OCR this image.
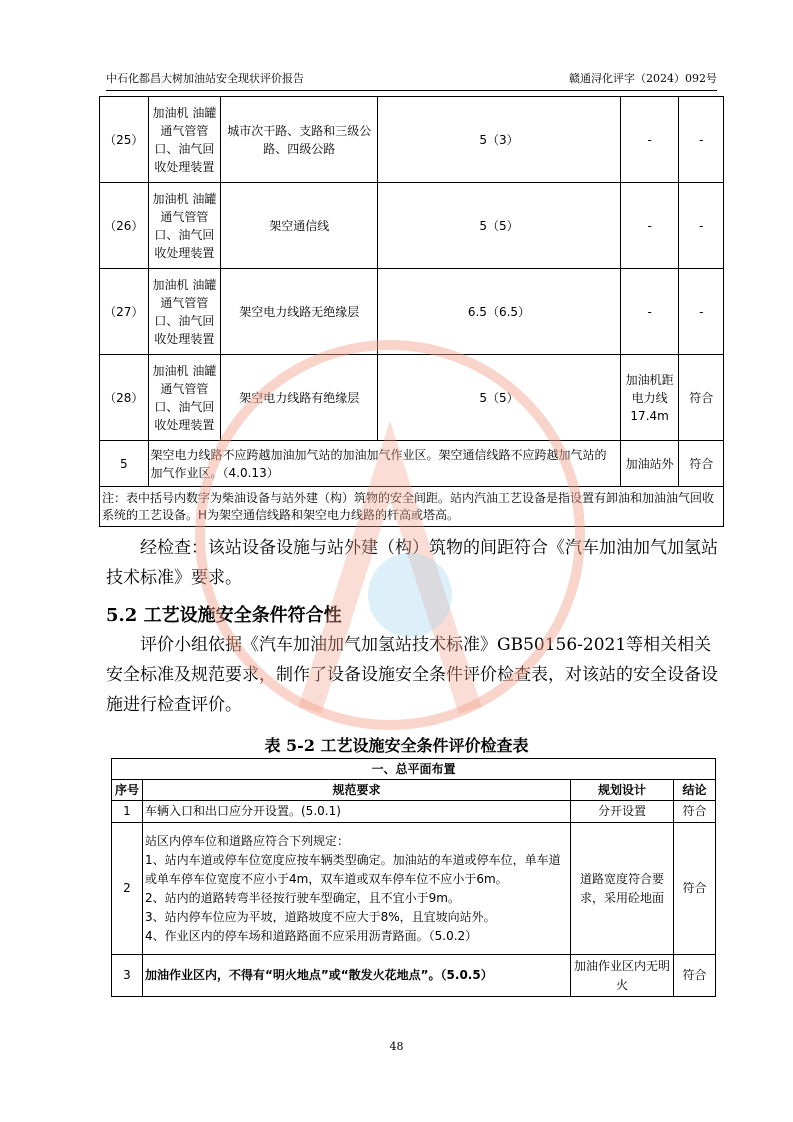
中石化都昌大树加油站安全现状评价报告	赣通浔化评字（2024）092号
（25）	加油机 油罐通气管管口、油气回收处理装置	城市次干路、支路和三级公路、四级公路	5（3）	-	-
（26）	加油机 油罐通气管管口、油气回收处理装置	架空通信线	5（5）	-	-
（27）	加油机 油罐通气管管口、油气回收处理装置	架空电力线路无绝缘层	6.5（6.5）	-	-
（28）	加油机 油罐通气管管口、油气回收处理装置	架空电力线路有绝缘层	5（5）	加油机距电力线17.4m	符合
5	架空电力线路不应跨越加油加气站的加油加气作业区。架空通信线路不应跨越加气站的加气作业区。（4.0.13）			加油站外	符合
注：表中括号内数字为柴油设备与站外建（构）筑物的安全间距。站内汽油工艺设备是指设置有卸油和加油油气回收系统的工艺设备。H为架空通信线路和架空电力线路的杆高或塔高。					
经检查：该站设备设施与站外建（构）筑物的间距符合《汽车加油加气加氢站技术标准》要求。
5.2 工艺设施安全条件符合性
评价小组依据《汽车加油加气加氢站技术标准》GB50156-2021等相关相关安全标准及规范要求，制作了设备设施安全条件评价检查表，对该站的安全设备设施进行检查评价。
表 5-2 工艺设施安全条件评价检查表
一、总平面布置			
序号	规范要求	规划设计	结论
1	车辆入口和出口应分开设置。(5.0.1)	分开设置	符合
2	站区内停车位和道路应符合下列规定：
1、站内车道或停车位宽度应按车辆类型确定。加油站的车道或停车位，单车道或单车停车位宽度不应小于4m，双车道或双车停车位不应小于6m。
2、站内的道路转弯半径按行驶车型确定，且不宜小于9m。
3、站内停车位应为平坡，道路坡度不应大于8%，且宜坡向站外。
4、作业区内的停车场和道路路面不应采用沥青路面。（5.0.2）	道路宽度符合要求，采用砼地面	符合
3	加油作业区内，不得有“明火地点”或“散发火花地点”。（5.0.5）	加油作业区内无明火	符合
48
